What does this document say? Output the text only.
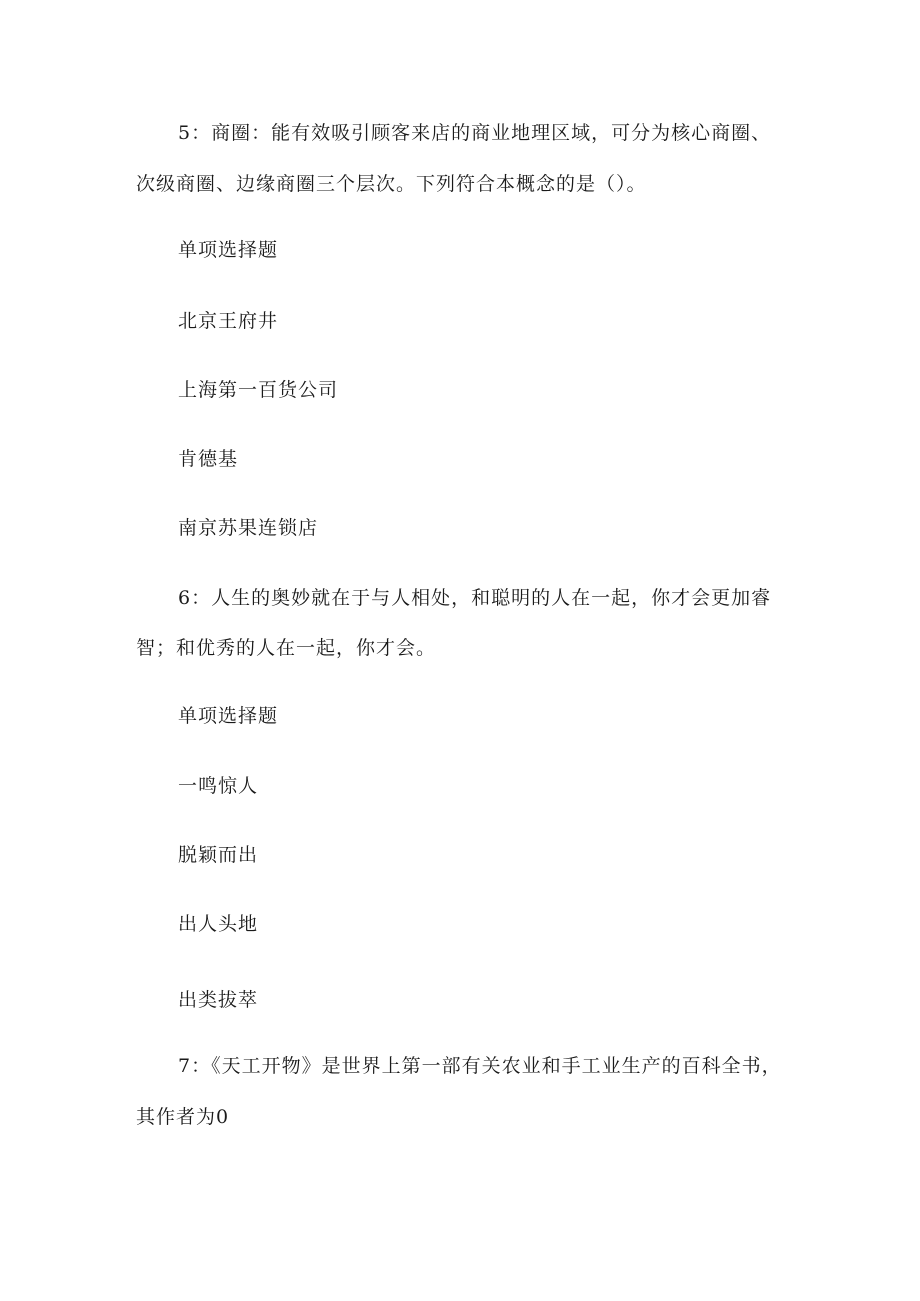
5：商圈：能有效吸引顾客来店的商业地理区域，可分为核心商圈、
次级商圈、边缘商圈三个层次。下列符合本概念的是（）。
单项选择题
北京王府井
上海第一百货公司
肯德基
南京苏果连锁店
6：人生的奥妙就在于与人相处，和聪明的人在一起，你才会更加睿
智；和优秀的人在一起，你才会。
单项选择题
一鸣惊人
脱颖而出
出人头地
出类拔萃
7：《天工开物》是世界上第一部有关农业和手工业生产的百科全书，
其作者为0
